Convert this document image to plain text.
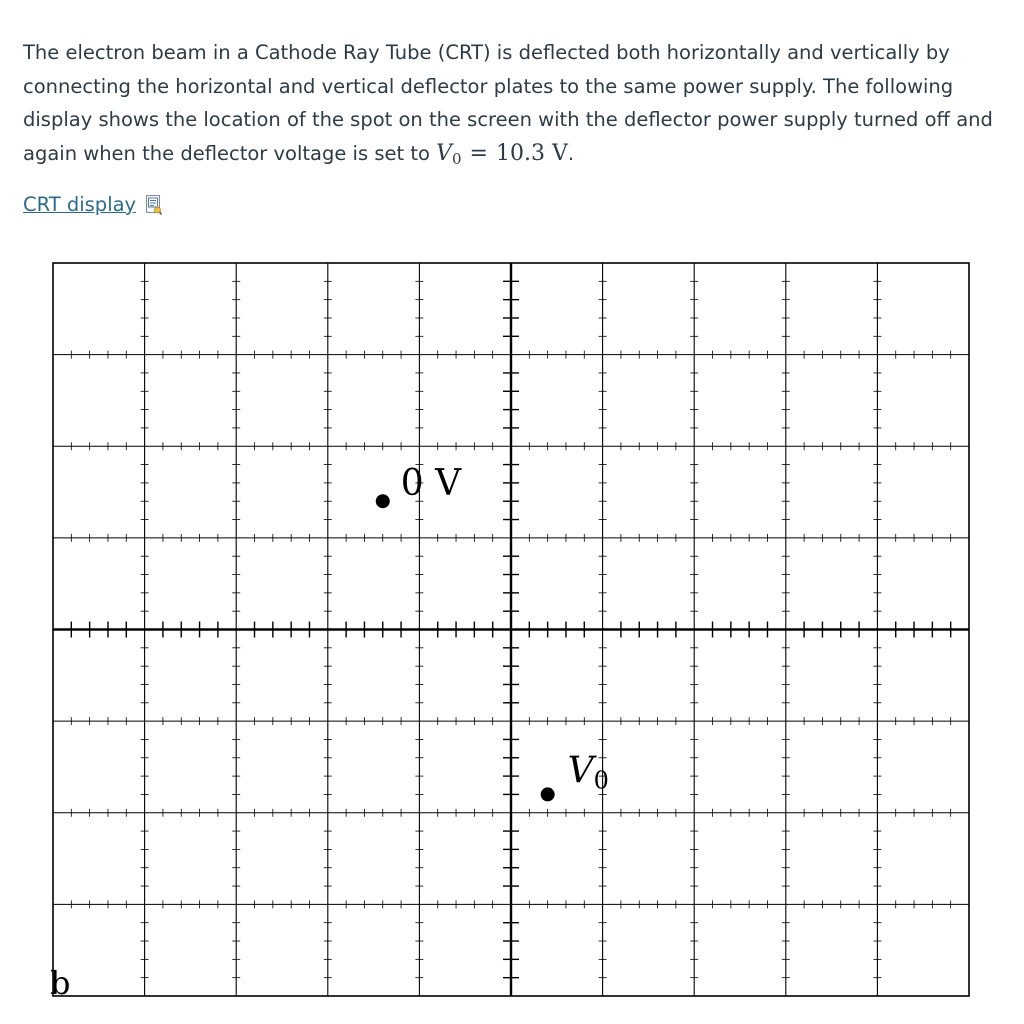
The electron beam in a Cathode Ray Tube (CRT) is deflected both horizontally and vertically by connecting the horizontal and vertical deflector plates to the same power supply. The following display shows the location of the spot on the screen with the deflector power supply turned off and again when the deflector voltage is set to $V_0 = 10.3$ V.
CRT display
0 V
V0
b
